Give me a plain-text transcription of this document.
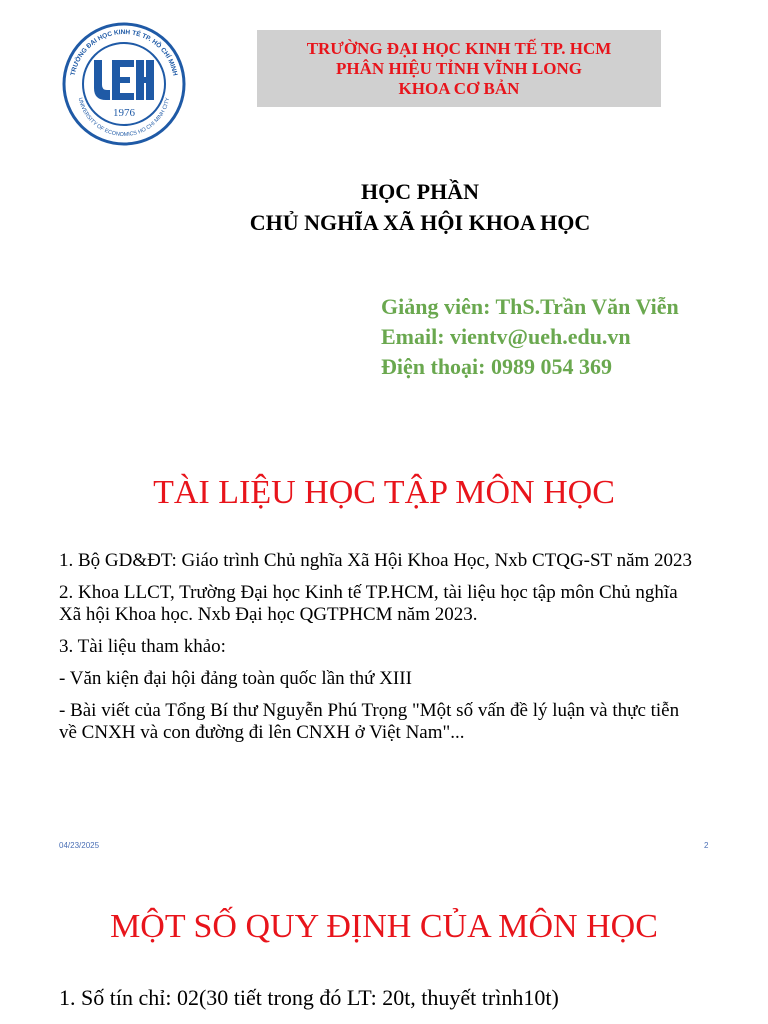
1976
TRƯỜNG ĐẠI HỌC KINH TẾ TP. HỒ CHÍ MINH
UNIVERSITY OF ECONOMICS HO CHI MINH CITY
TRƯỜNG ĐẠI HỌC KINH TẾ TP. HCM
PHÂN HIỆU TỈNH VĨNH LONG
KHOA CƠ BẢN
HỌC PHẦN
CHỦ NGHĨA XÃ HỘI KHOA HỌC
Giảng viên: ThS.Trần Văn Viễn
Email: vientv@ueh.edu.vn
Điện thoại: 0989 054 369
TÀI LIỆU HỌC TẬP MÔN HỌC

1. Bộ GD&ĐT: Giáo trình Chủ nghĩa Xã Hội Khoa Học, Nxb CTQG-ST năm 2023

2. Khoa LLCT, Trường Đại học Kinh tế TP.HCM, tài liệu học tập môn Chủ nghĩa Xã hội Khoa học. Nxb Đại học QGTPHCM năm 2023.

3. Tài liệu tham khảo:

- Văn kiện đại hội đảng toàn quốc lần thứ XIII

- Bài viết của Tổng Bí thư Nguyễn Phú Trọng "Một số vấn đề lý luận và thực tiễn về CNXH và con đường đi lên CNXH ở Việt Nam"...

04/23/2025	2
MỘT SỐ QUY ĐỊNH CỦA MÔN HỌC

1. Số tín chỉ: 02(30 tiết trong đó LT: 20t, thuyết trình10t)
